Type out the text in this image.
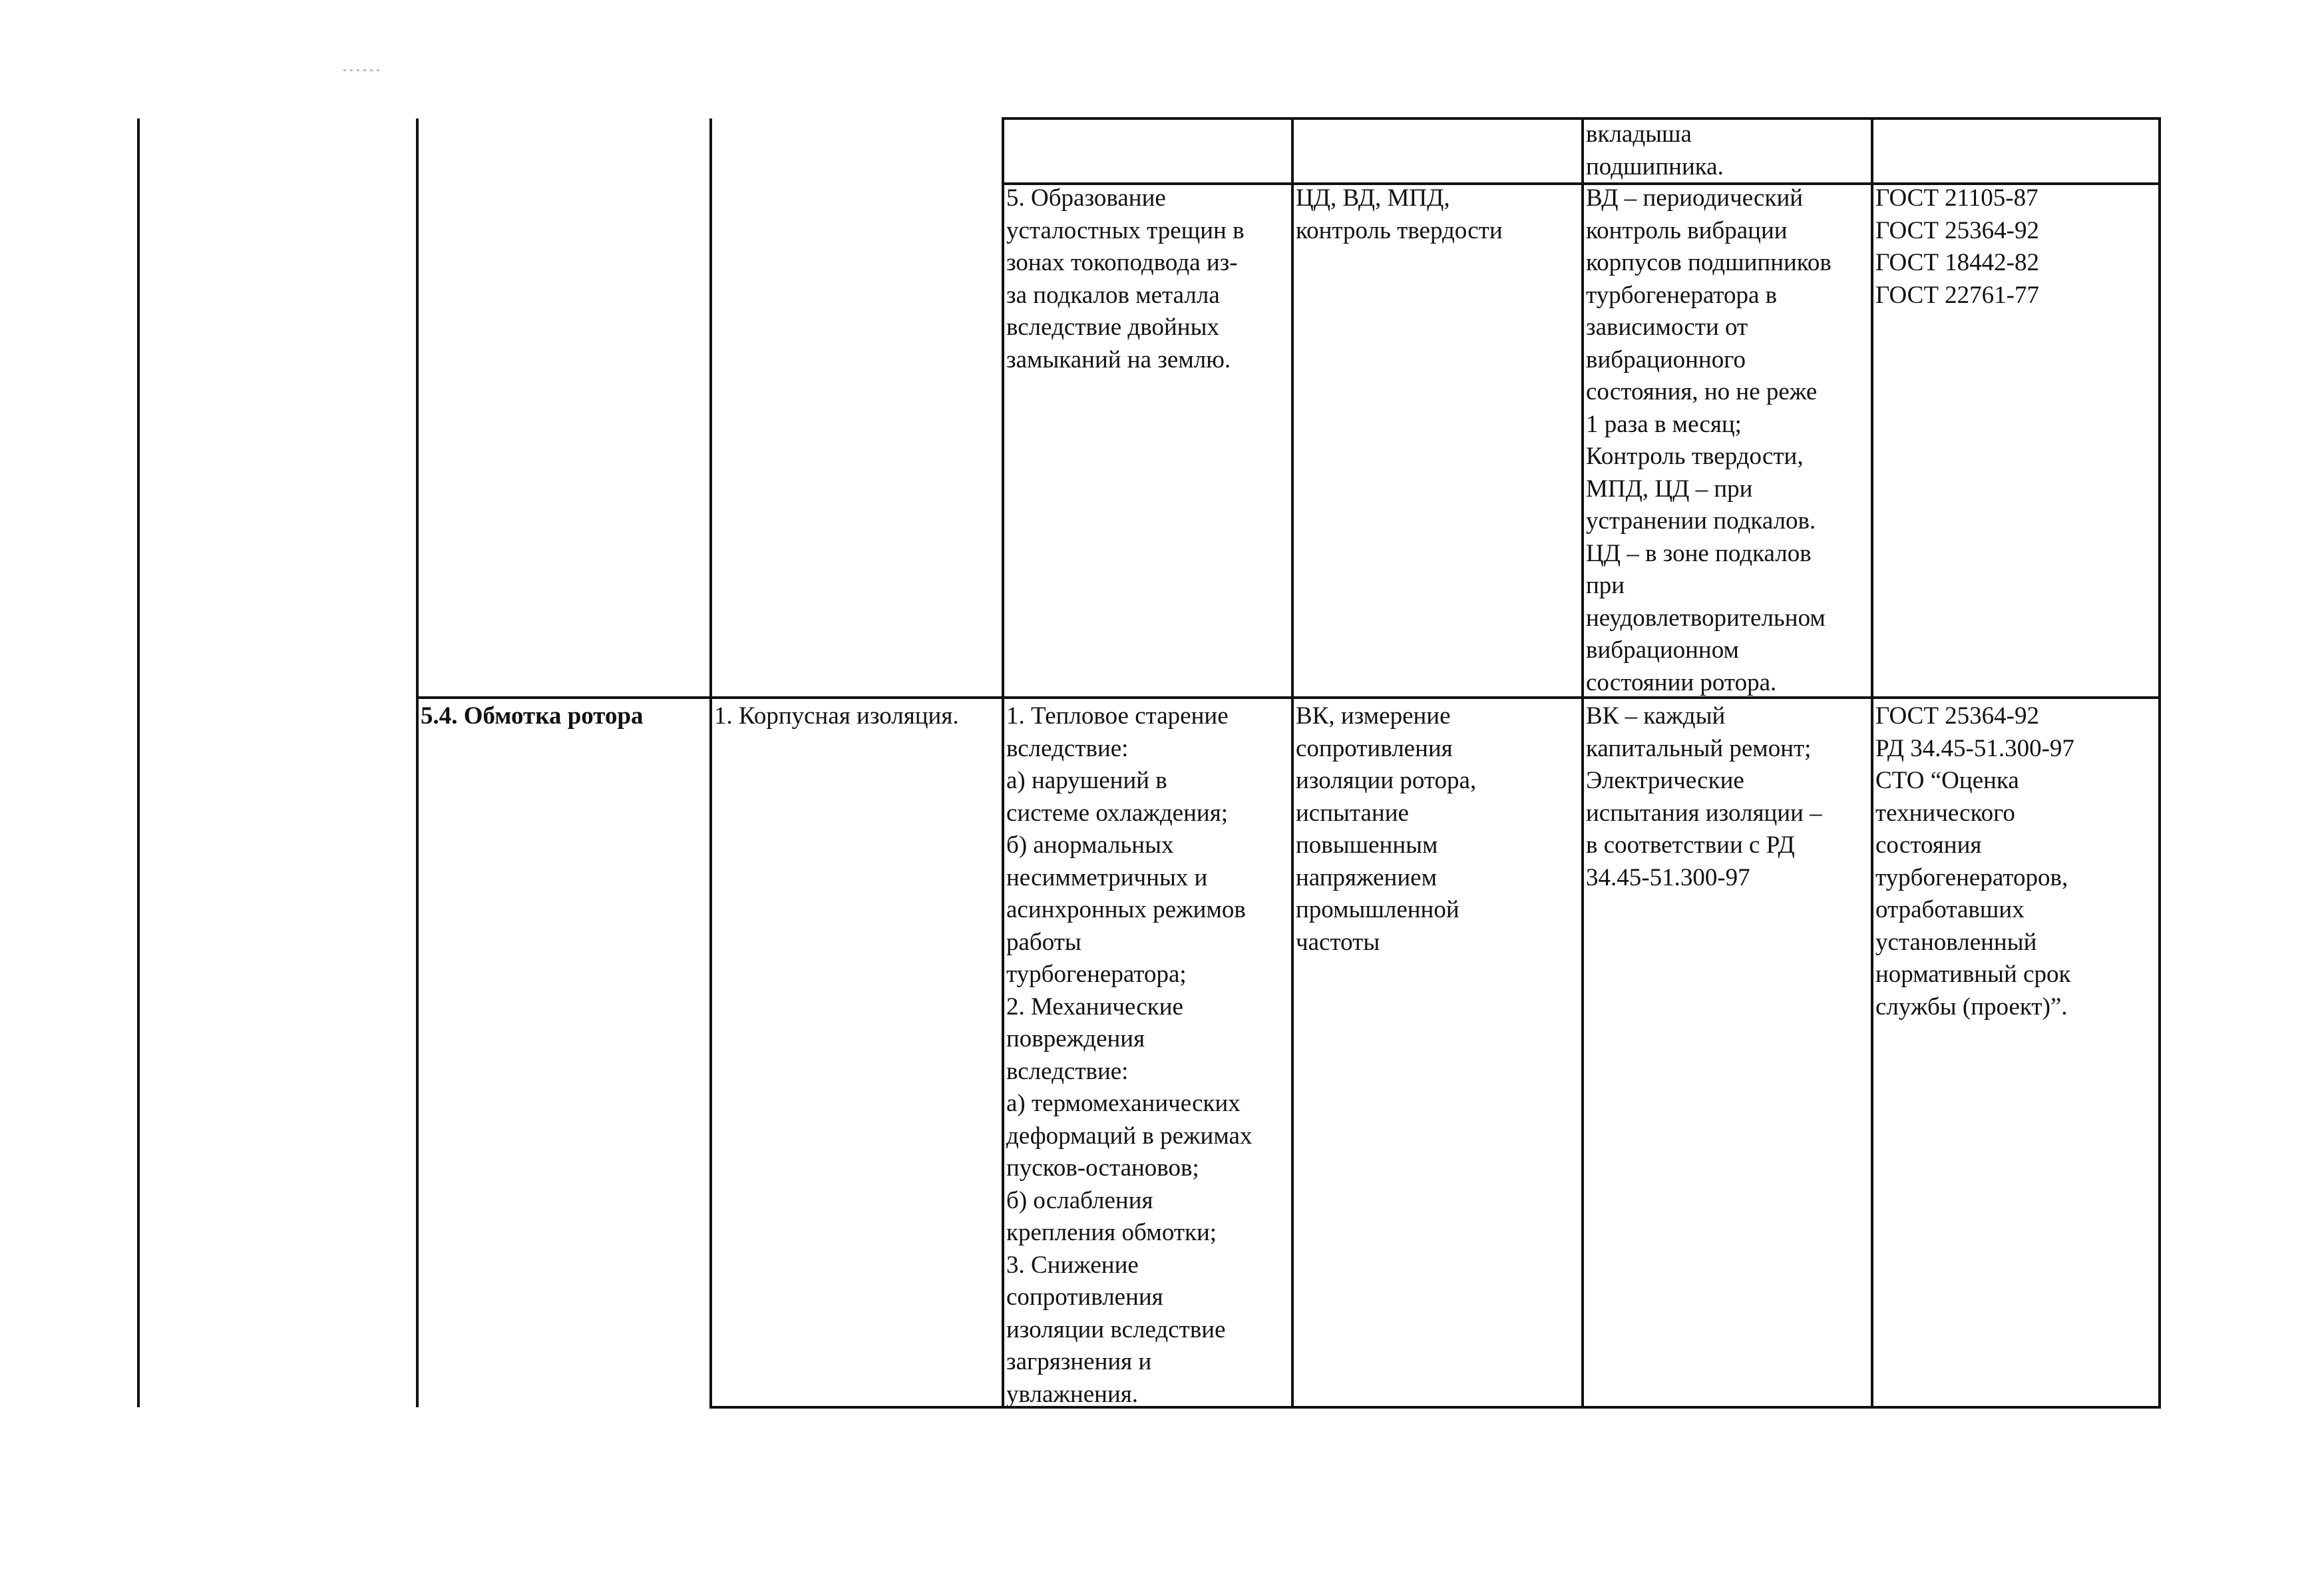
вкладыша
подшипника.
5. Образование
усталостных трещин в
зонах токоподвода из-
за подкалов металла
вследствие двойных
замыканий на землю.
ЦД, ВД, МПД,
контроль твердости
ВД – периодический
контроль вибрации
корпусов подшипников
турбогенератора в
зависимости от
вибрационного
состояния, но не реже
1 раза в месяц;
Контроль твердости,
МПД, ЦД – при
устранении подкалов.
ЦД – в зоне подкалов
при
неудовлетворительном
вибрационном
состоянии ротора.
ГОСТ 21105-87
ГОСТ 25364-92
ГОСТ 18442-82
ГОСТ 22761-77
5.4. Обмотка ротора	1. Корпусная изоляция.	1. Тепловое старение
вследствие:
а) нарушений в
системе охлаждения;
б) анормальных
несимметричных и
асинхронных режимов
работы
турбогенератора;
2. Механические
повреждения
вследствие:
а) термомеханических
деформаций в режимах
пусков-остановов;
б) ослабления
крепления обмотки;
3. Снижение
сопротивления
изоляции вследствие
загрязнения и
увлажнения.
ВК, измерение
сопротивления
изоляции ротора,
испытание
повышенным
напряжением
промышленной
частоты
ВК – каждый
капитальный ремонт;
Электрические
испытания изоляции –
в соответствии с РД
34.45-51.300-97
ГОСТ 25364-92
РД 34.45-51.300-97
СТО “Оценка
технического
состояния
турбогенераторов,
отработавших
установленный
нормативный срок
службы (проект)”.
